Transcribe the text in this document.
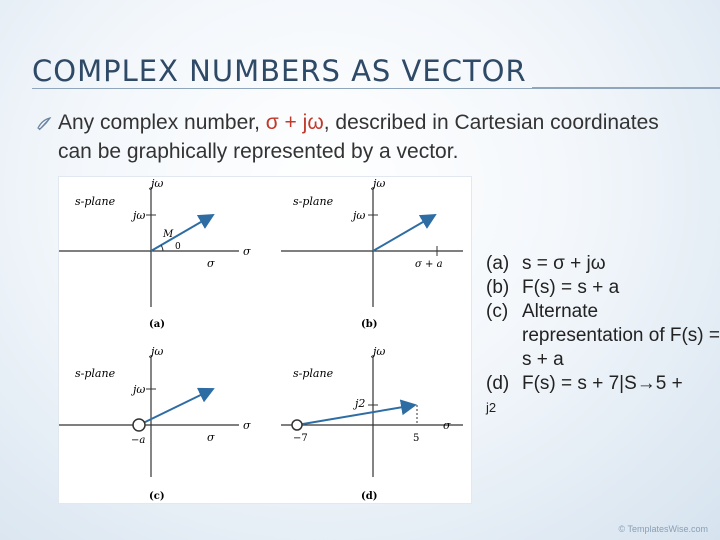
COMPLEX NUMBERS AS VECTOR
Any complex number, σ + jω, described in Cartesian coordinates can be graphically represented by a vector.
jω
s-plane
jω
σ
σ
M
0
(a)
jω
s-plane
jω
σ + a
(b)
jω
s-plane
jω
σ
σ
−a
(c)
jω
s-plane
j2
σ
5
−7
(d)
(a) s = σ + jω
(b) F(s) = s + a
(c) Alternate representation of F(s) = s + a
(d) F(s) = s + 7|S→5 +
j2
© TemplatesWise.com
